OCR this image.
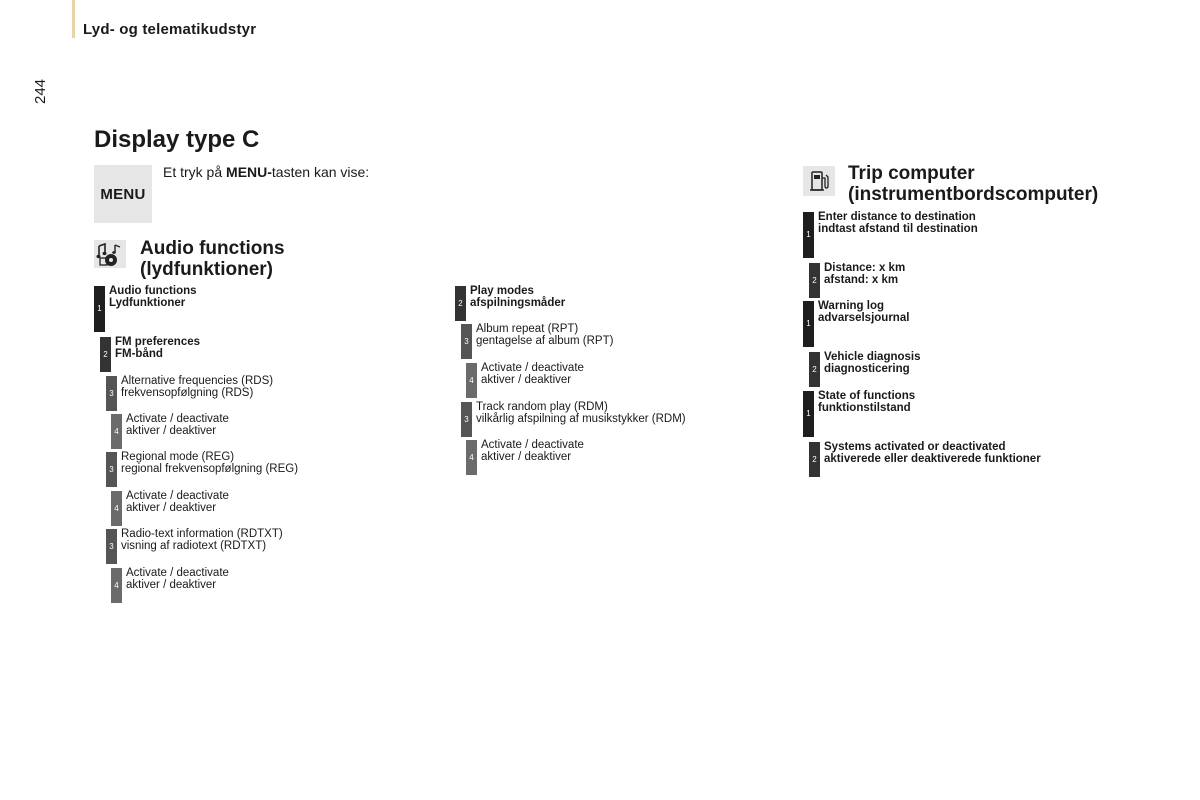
Lyd- og telematikudstyr
244
Display type C
MENU
Et tryk på MENU-tasten kan vise:
Audio functions
(lydfunktioner)
1
Audio functions
Lydfunktioner
2
FM preferences
FM-bånd
3
Alternative frequencies (RDS)
frekvensopfølgning (RDS)
4
Activate / deactivate
aktiver / deaktiver
3
Regional mode (REG)
regional frekvensopfølgning (REG)
4
Activate / deactivate
aktiver / deaktiver
3
Radio-text information (RDTXT)
visning af radiotext (RDTXT)
4
Activate / deactivate
aktiver / deaktiver
2
Play modes
afspilningsmåder
3
Album repeat (RPT)
gentagelse af album (RPT)
4
Activate / deactivate
aktiver / deaktiver
3
Track random play (RDM)
vilkårlig afspilning af musikstykker (RDM)
4
Activate / deactivate
aktiver / deaktiver
Trip computer
(instrumentbordscomputer)
1
Enter distance to destination
indtast afstand til destination
2
Distance: x km
afstand: x km
1
Warning log
advarselsjournal
2
Vehicle diagnosis
diagnosticering
1
State of functions
funktionstilstand
2
Systems activated or deactivated
aktiverede eller deaktiverede funktioner
